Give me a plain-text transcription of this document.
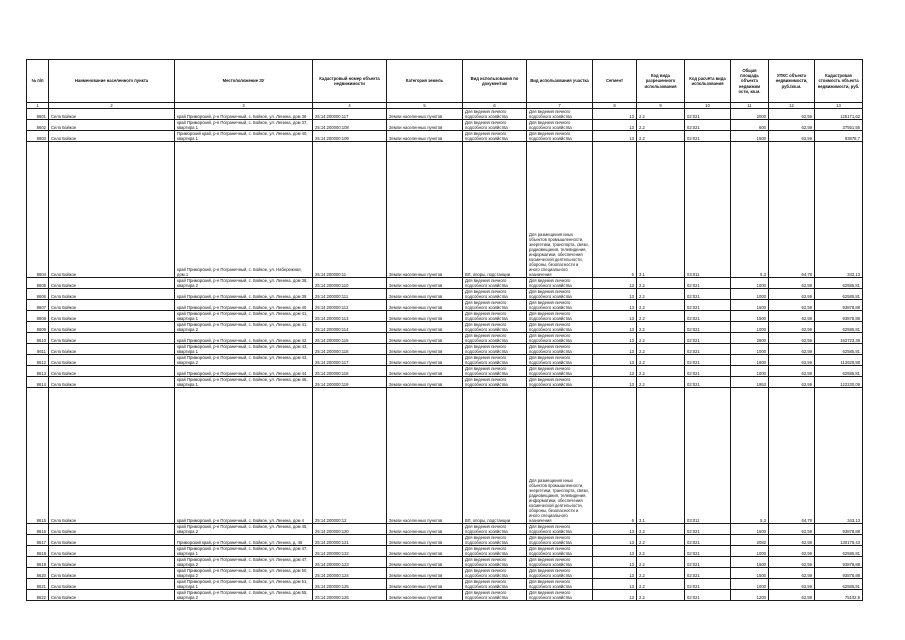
№ п/п	Наименование населенного пункта	Местоположение ЗУ	Кадастровый номер объекта недвижимости	Категория земель	Вид использования по документам	Вид использования участка	Сегмент	Код вида разрешенного использования	Код расчёта вида использования	Общая площадь объекта недвижим ости, кв.м.	УПКС объекта недвижимости, руб./кв.м.	Кадастровая стоимость объекта недвижимости, руб.
1	2	3	4	5	6	7	8	9	10	11	12	13
8601	Село Бойкое	край Приморский, р-н Пограничный, с. Бойкое, ул. Ленина, дом 36	25:14:200000:117	Земли населенных пунктов	Для ведения личного подсобного хозяйства	Для ведения личного подсобного хозяйства	13	2.2	02:021	2000	62,59	125171,62
8602	Село Бойкое	край Приморский, р-н Пограничный, с. Бойкое, ул. Ленина, дом 37, квартира 1	25:14:200000:108	Земли населенных пунктов	Для ведения личного подсобного хозяйства	Для ведения личного подсобного хозяйства	13	2.2	02:021	600	62,59	37551,55
8603	Село Бойкое	Приморский край, р-н Пограничный, с. Бойкое, ул. Ленина, дом 40, квартира 1	25:14:200000:109	Земли населенных пунктов	Для ведения личного подсобного хозяйства	Для ведения личного подсобного хозяйства	13	2.2	02:021	1500	62,59	93878,7
8604	Село Бойкое	край Приморский, р-н Пограничный, с. Бойкое, ул. Набережная, дом 1	25:14:200000:11	Земли населенных пунктов	ВЛ, опоры, подстанции	Для размещения иных объектов промышленности, энергетики, транспорта, связи, радиовещания, телевидения, информатики, обеспечения космической деятельности, обороны, безопасности и иного специального назначения	6	3.1	03:011	5,3	64,78	343,13
8605	Село Бойкое	край Приморский, р-н Пограничный, с. Бойкое, ул. Ленина, дом 38, квартира 2	25:14:200000:110	Земли населенных пунктов	Для ведения личного подсобного хозяйства	Для ведения личного подсобного хозяйства	13	2.2	02:021	1000	62,59	62585,81
8606	Село Бойкое	край Приморский, р-н Пограничный, с. Бойкое, ул. Ленина, дом 39	25:14:200000:111	Земли населенных пунктов	Для ведения личного подсобного хозяйства	Для ведения личного подсобного хозяйства	13	2.2	02:021	1000	62,59	62585,81
8607	Село Бойкое	край Приморский, р-н Пограничный, с. Бойкое, ул. Ленина, дом 40	25:14:200000:112	Земли населенных пунктов	Для ведения личного подсобного хозяйства	Для ведения личного подсобного хозяйства	13	2.2	02:021	1500	62,59	93878,88
8608	Село Бойкое	край Приморский, р-н Пограничный, с. Бойкое, ул. Ленина, дом 41, квартира 1	25:14:200000:113	Земли населенных пунктов	Для ведения личного подсобного хозяйства	Для ведения личного подсобного хозяйства	13	2.2	02:021	1500	62,59	93878,88
8609	Село Бойкое	край Приморский, р-н Пограничный, с. Бойкое, ул. Ленина, дом 41, квартира 2	25:14:200000:114	Земли населенных пунктов	Для ведения личного подсобного хозяйства	Для ведения личного подсобного хозяйства	13	2.2	02:021	1000	62,59	62585,81
8610	Село Бойкое	край Приморский, р-н Пограничный, с. Бойкое, ул. Ленина, дом 42	25:14:200000:115	Земли населенных пунктов	Для ведения личного подсобного хозяйства	Для ведения личного подсобного хозяйства	13	2.2	02:021	2600	62,59	162723,39
8611	Село Бойкое	край Приморский, р-н Пограничный, с. Бойкое, ул. Ленина, дом 43, квартира 1	25:14:200000:116	Земли населенных пунктов	Для ведения личного подсобного хозяйства	Для ведения личного подсобного хозяйства	13	2.2	02:021	1000	62,59	62585,81
8612	Село Бойкое	край Приморский, р-н Пограничный, с. Бойкое, ул. Ленина, дом 43, квартира 2	25:14:200000:117	Земли населенных пунктов	Для ведения личного подсобного хозяйства	Для ведения личного подсобного хозяйства	13	2.2	02:021	1800	62,59	112629,88
8613	Село Бойкое	край Приморский, р-н Пограничный, с. Бойкое, ул. Ленина, дом 44	25:14:200000:118	Земли населенных пунктов	Для ведения личного подсобного хозяйства	Для ведения личного подсобного хозяйства	13	2.2	02:021	1000	62,59	62585,81
8614	Село Бойкое	край Приморский, р-н Пограничный, с. Бойкое, ул. Ленина, дом 45, квартира 1	25:14:200000:119	Земли населенных пунктов	Для ведения личного подсобного хозяйства	Для ведения личного подсобного хозяйства	13	2.2	02:021	1953	62,59	122230,09
8615	Село Бойкое	край Приморский, р-н Пограничный, с. Бойкое, ул. Ленина, дом 4	25:14:200000:12	Земли населенных пунктов	ВЛ, опоры, подстанции	Для размещения иных объектов промышленности, энергетики, транспорта, связи, радиовещания, телевидения, информатики, обеспечения космической деятельности, обороны, безопасности и иного специального назначения	6	3.1	03:011	5,3	64,78	343,13
8616	Село Бойкое	край Приморский, р-н Пограничный, с. Бойкое, ул. Ленина, дом 45, квартира 2	25:14:200000:120	Земли населенных пунктов	Для ведения личного подсобного хозяйства	Для ведения личного подсобного хозяйства	13	2.2	02:021	1500	62,59	93878,88
8617	Село Бойкое	Приморский край, р-н Пограничный, с. Бойкое, ул. Ленина, д. 46	25:14:200000:121	Земли населенных пунктов	Для ведения личного подсобного хозяйства	Для ведения личного подсобного хозяйства	13	2.2	02:021	2082	62,59	130176,43
8618	Село Бойкое	край Приморский, р-н Пограничный, с. Бойкое, ул. Ленина, дом 47, квартира 1	25:14:200000:122	Земли населенных пунктов	Для ведения личного подсобного хозяйства	Для ведения личного подсобного хозяйства	13	2.2	02:021	1000	62,59	62585,81
8619	Село Бойкое	край Приморский, р-н Пограничный, с. Бойкое, ул. Ленина, дом 47, квартира 2	25:14:200000:123	Земли населенных пунктов	Для ведения личного подсобного хозяйства	Для ведения личного подсобного хозяйства	13	2.2	02:021	1500	62,59	93878,88
8620	Село Бойкое	край Приморский, р-н Пограничный, с. Бойкое, ул. Ленина, дом 50, квартира 2	25:14:200000:124	Земли населенных пунктов	Для ведения личного подсобного хозяйства	Для ведения личного подсобного хозяйства	13	2.2	02:021	1500	62,59	93878,88
8621	Село Бойкое	край Приморский, р-н Пограничный, с. Бойкое, ул. Ленина, дом 51, квартира 1	25:14:200000:125	Земли населенных пунктов	Для ведения личного подсобного хозяйства	Для ведения личного подсобного хозяйства	13	2.2	02:021	1000	62,59	62585,81
8622	Село Бойкое	край Приморский, р-н Пограничный, с. Бойкое, ул. Ленина, дом 55, квартира 2	25:14:200000:126	Земли населенных пунктов	Для ведения личного подсобного хозяйства	Для ведения личного подсобного хозяйства	13	2.2	02:021	1200	62,59	75102,9
